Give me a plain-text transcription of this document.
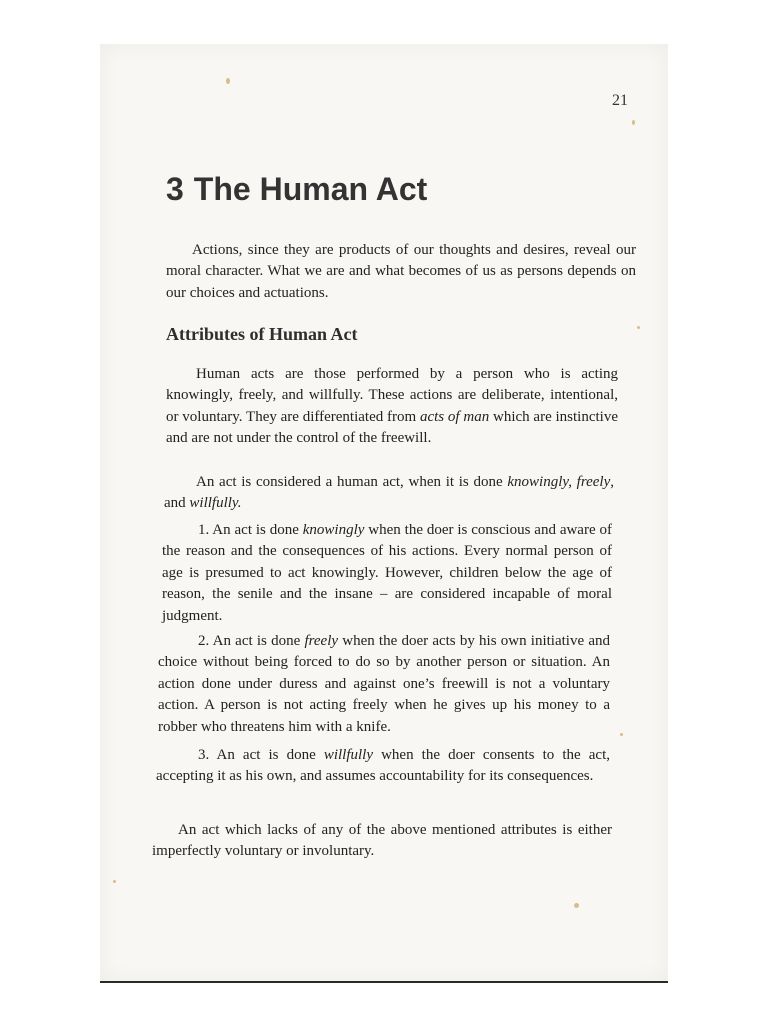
21
3 The Human Act

Actions, since they are products of our thoughts and desires, reveal our moral character. What we are and what becomes of us as persons depends on our choices and actuations.

Attributes of Human Act

Human acts are those performed by a person who is acting knowingly, freely, and willfully. These actions are deliberate, intentional, or voluntary. They are differentiated from acts of man which are instinctive and are not under the control of the freewill.

An act is considered a human act, when it is done knowingly, freely, and willfully.

1. An act is done knowingly when the doer is conscious and aware of the reason and the consequences of his actions. Every normal person of age is presumed to act knowingly. However, children below the age of reason, the senile and the insane – are considered incapable of moral judgment.

2. An act is done freely when the doer acts by his own initiative and choice without being forced to do so by another person or situation. An action done under duress and against one’s freewill is not a voluntary action. A person is not acting freely when he gives up his money to a robber who threatens him with a knife.

3. An act is done willfully when the doer consents to the act, accepting it as his own, and assumes accountability for its consequences.

An act which lacks of any of the above mentioned attributes is either imperfectly voluntary or involuntary.
